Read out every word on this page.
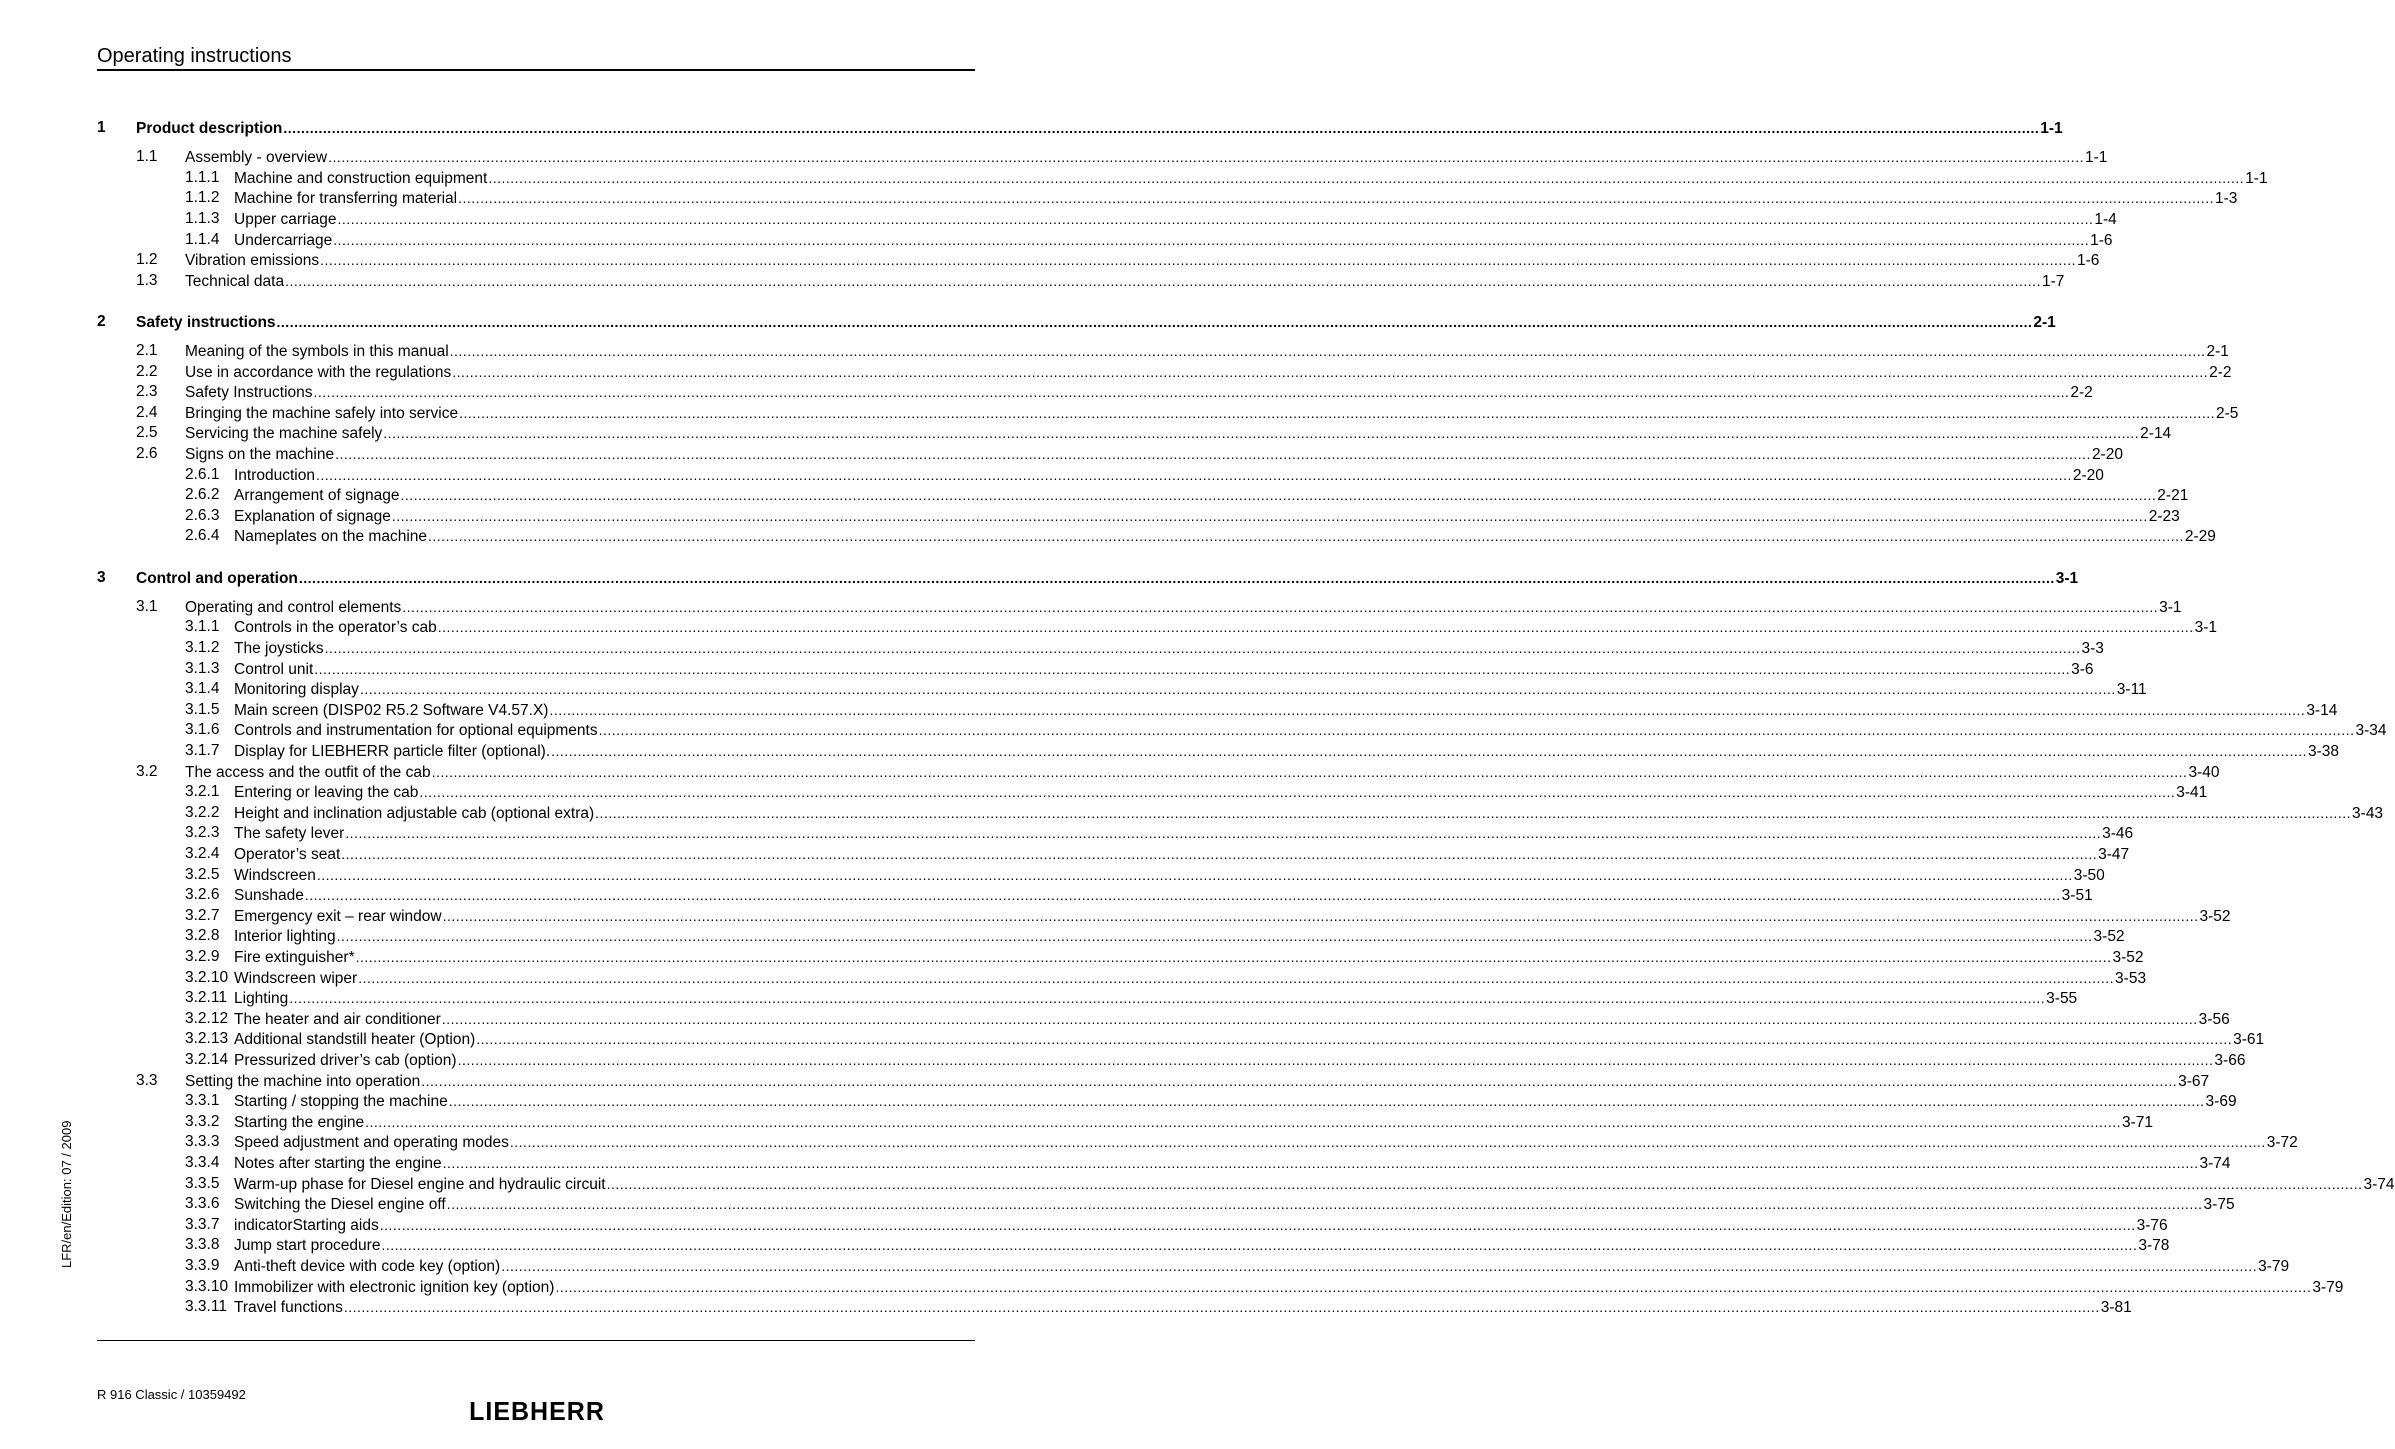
Operating instructions
1 Product description ................................................................................................................................................................................................................................................................................................................................................................................................................ 1-1
1.1 Assembly - overview ................................................................................................................................................................................................................................................................................................................................................................................................................ 1-1
1.1.1 Machine and construction equipment ................................................................................................................................................................................................................................................................................................................................................................................................................ 1-1
1.1.2 Machine for transferring material ................................................................................................................................................................................................................................................................................................................................................................................................................ 1-3
1.1.3 Upper carriage ................................................................................................................................................................................................................................................................................................................................................................................................................ 1-4
1.1.4 Undercarriage ................................................................................................................................................................................................................................................................................................................................................................................................................ 1-6
1.2 Vibration emissions ................................................................................................................................................................................................................................................................................................................................................................................................................ 1-6
1.3 Technical data ................................................................................................................................................................................................................................................................................................................................................................................................................ 1-7
2 Safety instructions ................................................................................................................................................................................................................................................................................................................................................................................................................ 2-1
2.1 Meaning of the symbols in this manual ................................................................................................................................................................................................................................................................................................................................................................................................................ 2-1
2.2 Use in accordance with the regulations ................................................................................................................................................................................................................................................................................................................................................................................................................ 2-2
2.3 Safety Instructions ................................................................................................................................................................................................................................................................................................................................................................................................................ 2-2
2.4 Bringing the machine safely into service ................................................................................................................................................................................................................................................................................................................................................................................................................ 2-5
2.5 Servicing the machine safely ................................................................................................................................................................................................................................................................................................................................................................................................................ 2-14
2.6 Signs on the machine ................................................................................................................................................................................................................................................................................................................................................................................................................ 2-20
2.6.1 Introduction ................................................................................................................................................................................................................................................................................................................................................................................................................ 2-20
2.6.2 Arrangement of signage ................................................................................................................................................................................................................................................................................................................................................................................................................ 2-21
2.6.3 Explanation of signage ................................................................................................................................................................................................................................................................................................................................................................................................................ 2-23
2.6.4 Nameplates on the machine ................................................................................................................................................................................................................................................................................................................................................................................................................ 2-29
3 Control and operation ................................................................................................................................................................................................................................................................................................................................................................................................................ 3-1
3.1 Operating and control elements ................................................................................................................................................................................................................................................................................................................................................................................................................ 3-1
3.1.1 Controls in the operator’s cab ................................................................................................................................................................................................................................................................................................................................................................................................................ 3-1
3.1.2 The joysticks ................................................................................................................................................................................................................................................................................................................................................................................................................ 3-3
3.1.3 Control unit ................................................................................................................................................................................................................................................................................................................................................................................................................ 3-6
3.1.4 Monitoring display ................................................................................................................................................................................................................................................................................................................................................................................................................ 3-11
3.1.5 Main screen (DISP02 R5.2 Software V4.57.X) ................................................................................................................................................................................................................................................................................................................................................................................................................ 3-14
3.1.6 Controls and instrumentation for optional equipments ................................................................................................................................................................................................................................................................................................................................................................................................................ 3-34
3.1.7 Display for LIEBHERR particle filter (optional). ................................................................................................................................................................................................................................................................................................................................................................................................................ 3-38
3.2 The access and the outfit of the cab ................................................................................................................................................................................................................................................................................................................................................................................................................ 3-40
3.2.1 Entering or leaving the cab ................................................................................................................................................................................................................................................................................................................................................................................................................ 3-41
3.2.2 Height and inclination adjustable cab (optional extra) ................................................................................................................................................................................................................................................................................................................................................................................................................ 3-43
3.2.3 The safety lever ................................................................................................................................................................................................................................................................................................................................................................................................................ 3-46
3.2.4 Operator’s seat ................................................................................................................................................................................................................................................................................................................................................................................................................ 3-47
3.2.5 Windscreen ................................................................................................................................................................................................................................................................................................................................................................................................................ 3-50
3.2.6 Sunshade ................................................................................................................................................................................................................................................................................................................................................................................................................ 3-51
3.2.7 Emergency exit – rear window ................................................................................................................................................................................................................................................................................................................................................................................................................ 3-52
3.2.8 Interior lighting ................................................................................................................................................................................................................................................................................................................................................................................................................ 3-52
3.2.9 Fire extinguisher* ................................................................................................................................................................................................................................................................................................................................................................................................................ 3-52
3.2.10 Windscreen wiper ................................................................................................................................................................................................................................................................................................................................................................................................................ 3-53
3.2.11 Lighting ................................................................................................................................................................................................................................................................................................................................................................................................................ 3-55
3.2.12 The heater and air conditioner ................................................................................................................................................................................................................................................................................................................................................................................................................ 3-56
3.2.13 Additional standstill heater (Option) ................................................................................................................................................................................................................................................................................................................................................................................................................ 3-61
3.2.14 Pressurized driver’s cab (option) ................................................................................................................................................................................................................................................................................................................................................................................................................ 3-66
3.3 Setting the machine into operation ................................................................................................................................................................................................................................................................................................................................................................................................................ 3-67
3.3.1 Starting / stopping the machine ................................................................................................................................................................................................................................................................................................................................................................................................................ 3-69
3.3.2 Starting the engine ................................................................................................................................................................................................................................................................................................................................................................................................................ 3-71
3.3.3 Speed adjustment and operating modes ................................................................................................................................................................................................................................................................................................................................................................................................................ 3-72
3.3.4 Notes after starting the engine ................................................................................................................................................................................................................................................................................................................................................................................................................ 3-74
3.3.5 Warm-up phase for Diesel engine and hydraulic circuit ................................................................................................................................................................................................................................................................................................................................................................................................................ 3-74
3.3.6 Switching the Diesel engine off ................................................................................................................................................................................................................................................................................................................................................................................................................ 3-75
3.3.7 indicatorStarting aids ................................................................................................................................................................................................................................................................................................................................................................................................................ 3-76
3.3.8 Jump start procedure ................................................................................................................................................................................................................................................................................................................................................................................................................ 3-78
3.3.9 Anti-theft device with code key (option) ................................................................................................................................................................................................................................................................................................................................................................................................................ 3-79
3.3.10 Immobilizer with electronic ignition key (option) ................................................................................................................................................................................................................................................................................................................................................................................................................ 3-79
3.3.11 Travel functions ................................................................................................................................................................................................................................................................................................................................................................................................................ 3-81
LFR/en/Edition: 07 / 2009
R 916 Classic / 10359492
LIEBHERR
